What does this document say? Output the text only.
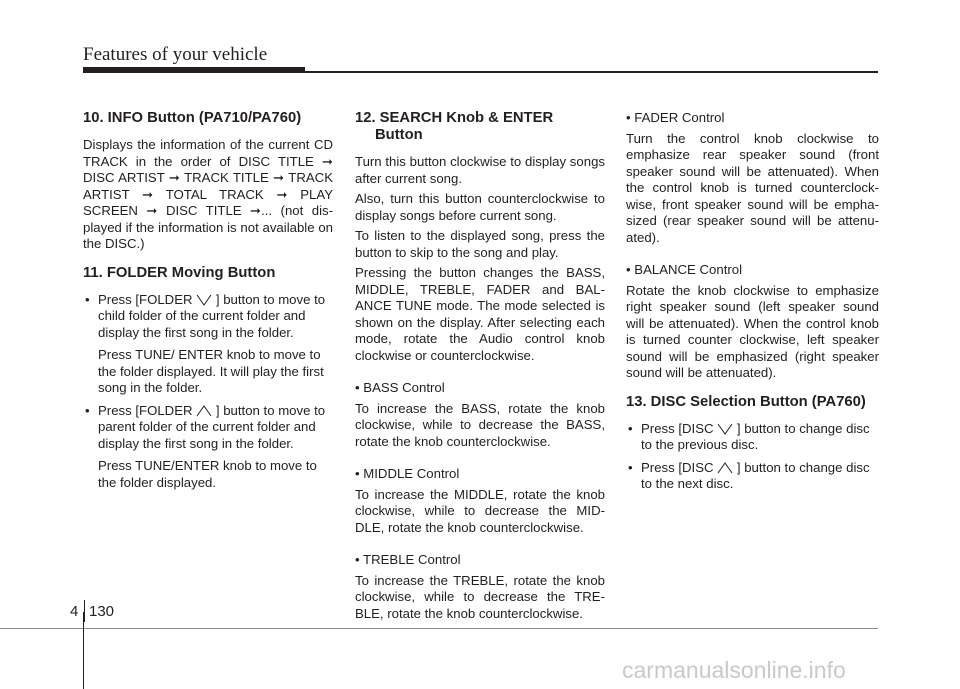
Features of your vehicle
10. INFO Button (PA710/PA760)

Displays the information of the current CD TRACK in the order of DISC TITLE ➞ DISC ARTIST ➞ TRACK TITLE ➞ TRACK ARTIST ➞ TOTAL TRACK ➞ PLAY SCREEN ➞ DISC TITLE ➞... (not dis- played if the information is not available on the DISC.)

11. FOLDER Moving Button
• Press [FOLDER ] button to move to child folder of the current folder and display the first song in the folder.
Press TUNE/ ENTER knob to move to the folder displayed. It will play the first song in the folder.
• Press [FOLDER ] button to move to parent folder of the current folder and display the first song in the folder.
Press TUNE/ENTER knob to move to the folder displayed.
12. SEARCH Knob & ENTER
Button

Turn this button clockwise to display songs after current song.

Also, turn this button counterclockwise to display songs before current song.

To listen to the displayed song, press the button to skip to the song and play.

Pressing the button changes the BASS, MIDDLE, TREBLE, FADER and BAL- ANCE TUNE mode. The mode selected is shown on the display. After selecting each mode, rotate the Audio control knob clockwise or counterclockwise.

• BASS Control

To increase the BASS, rotate the knob clockwise, while to decrease the BASS, rotate the knob counterclockwise.

• MIDDLE Control

To increase the MIDDLE, rotate the knob clockwise, while to decrease the MID- DLE, rotate the knob counterclockwise.

• TREBLE Control

To increase the TREBLE, rotate the knob clockwise, while to decrease the TRE- BLE, rotate the knob counterclockwise.

• FADER Control

Turn the control knob clockwise to emphasize rear speaker sound (front speaker sound will be attenuated). When the control knob is turned counterclock- wise, front speaker sound will be empha- sized (rear speaker sound will be attenu- ated).

• BALANCE Control

Rotate the knob clockwise to emphasize right speaker sound (left speaker sound will be attenuated). When the control knob is turned counter clockwise, left speaker sound will be emphasized (right speaker sound will be attenuated).

13. DISC Selection Button (PA760)
• Press [DISC ] button to change disc to the previous disc.
• Press [DISC ] button to change disc to the next disc.
4 130
carmanualsonline.info
